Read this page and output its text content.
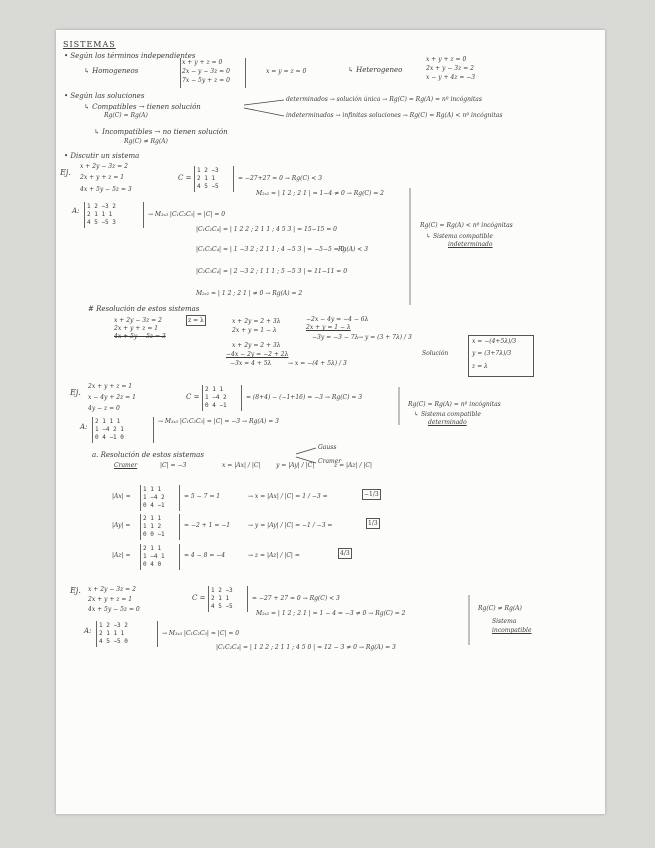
SISTEMAS
• Según los términos independientes
↳ Homogeneos
x + y + z = 0
2x − y − 3z = 0
7x − 5y + z = 0
x = y = z = 0	↳ Heterogeneo
x + y + z = 0
2x + y − 3z = 2
x − y + 4z = −3
• Según las soluciones
↳ Compatibles → tienen solución
Rg(C) = Rg(A)
determinados → solución única → Rg(C) = Rg(A) = nº incógnitas
indeterminados → infinitas soluciones → Rg(C) = Rg(A) < nº incógnitas
↳ Incompatibles → no tienen solución
Rg(C) ≠ Rg(A)
• Discutir un sistema
Ej.
x + 2y − 3z = 2
2x + y + z = 1
4x + 5y − 5z = 3
C =
1 2 −3
2 1 1
4 5 −5
= −27+27 = 0 → Rg(C) < 3
M₂ₓ₂ = | 1 2 ; 2 1 | = 1−4 ≠ 0 → Rg(C) = 2
A:
1 2 −3 2
2 1 1 1
4 5 −5 3
→ M₃ₓ₃ |C₁C₂C₃| = |C| = 0
|C₁C₂C₄| = | 1 2 2 ; 2 1 1 ; 4 5 3 | = 15−15 = 0
|C₁C₃C₄| = | 1 −3 2 ; 2 1 1 ; 4 −5 3 | = −5−5 = 0
|C₂C₃C₄| = | 2 −3 2 ; 1 1 1 ; 5 −5 3 | = 11−11 = 0
Rg(A) < 3
M₂ₓ₂ = | 1 2 ; 2 1 | ≠ 0 → Rg(A) = 2
Rg(C) = Rg(A) < nº incógnitas
↳ Sistema compatible
indeterminado
# Resolución de estos sistemas
x + 2y − 3z = 2
2x + y + z = 1
4x + 5y − 5z = 3
z = λ	x + 2y = 2 + 3λ
2x + y = 1 − λ
−2x − 4y = −4 − 6λ
2x + y = 1 − λ
−3y = −3 − 7λ → y = (3 + 7λ) / 3
x + 2y = 2 + 3λ
−4x − 2y = −2 + 2λ
−3x = 4 + 5λ	→ x = −(4 + 5λ) / 3
Solución
x = −(4+5λ)/3
y = (3+7λ)/3
z = λ
Ej.
2x + y + z = 1
x − 4y + 2z = 1
4y − z = 0
C =
2 1 1
1 −4 2
0 4 −1
= (8+4) − (−1+16) = −3 → Rg(C) = 3
A:
2 1 1 1
1 −4 2 1
0 4 −1 0
→ M₃ₓ₃ |C₁C₂C₃| = |C| = −3 → Rg(A) = 3
Rg(C) = Rg(A) = nº incógnitas
↳ Sistema compatible
determinado
a. Resolución de estos sistemas
Gauss
Cramer
Cramer	|C| = −3	x = |Ax| / |C|	y = |Ay| / |C|	z = |Az| / |C|
|Ax| =
1 1 1
1 −4 2
0 4 −1
= 5 − 7 = 1	→ x = |Ax| / |C| = 1 / −3 =	−1/3
|Ay| =
2 1 1
1 1 2
0 0 −1
= −2 + 1 = −1	→ y = |Ay| / |C| = −1 / −3 =	1/3
|Az| =
2 1 1
1 −4 1
0 4 0
= 4 − 8 = −4	→ z = |Az| / |C| =	4/3
Ej. x + 2y − 3z = 2
2x + y + z = 1
4x + 5y − 5z = 0
C =
1 2 −3
2 1 1
4 5 −5
= −27 + 27 = 0 → Rg(C) < 3
M₂ₓ₂ = | 1 2 ; 2 1 | = 1 − 4 = −3 ≠ 0 → Rg(C) = 2
Rg(C) ≠ Rg(A)
Sistema
incompatible
A:
1 2 −3 2
2 1 1 1
4 5 −5 0
→ M₃ₓ₃ |C₁C₂C₃| = |C| = 0
|C₁C₂C₄| = | 1 2 2 ; 2 1 1 ; 4 5 0 | = 12 − 3 ≠ 0 → Rg(A) = 3
